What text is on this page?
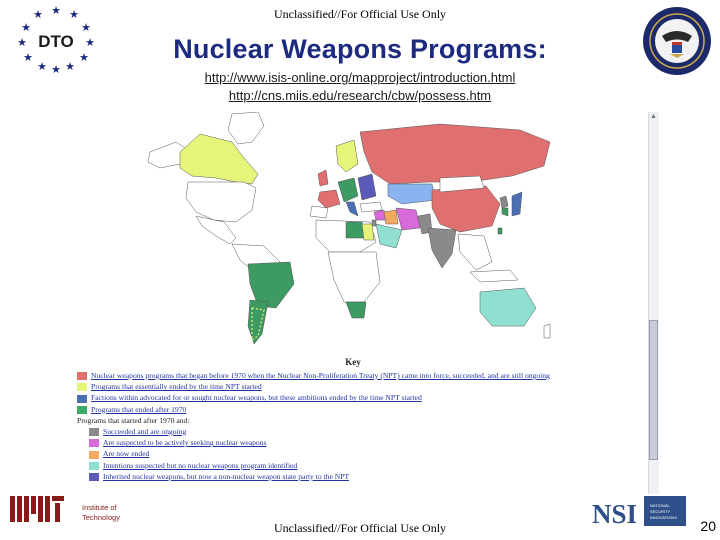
Unclassified//For Official Use Only
★
★ ★
★	★
★	★
★	★
★ ★
★
DTO	Nuclear Weapons Programs:
http://www.isis-online.org/mapproject/introduction.html
http://cns.miis.edu/research/cbw/possess.htm
▲
Key
Nuclear weapons programs that began before 1970 when the Nuclear Non-Proliferation Treaty (NPT) came into force, succeeded, and are still ongoing
Programs that essentially ended by the time NPT started
Factions within advocated for or sought nuclear weapons, but these ambitions ended by the time NPT started
Programs that ended after 1970
Programs that started after 1970 and:
Succeeded and are ongoing
Are suspected to be actively seeking nuclear weapons
Are now ended
Intentions suspected but no nuclear weapons program identified
Inherited nuclear weapons, but now a non-nuclear weapon state party to the NPT
Institute of
Technology
Unclassified//For Official Use Only	NSI	NATIONAL
SECURITY
INNOVATIONS
20
